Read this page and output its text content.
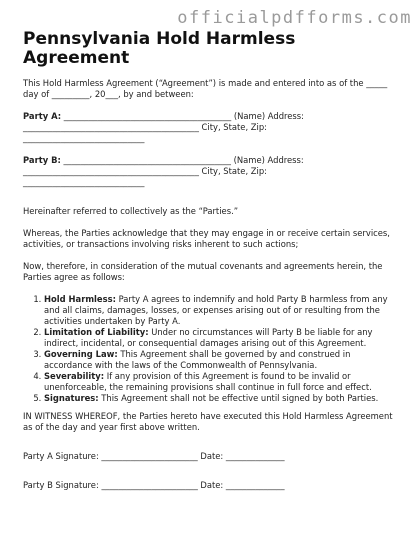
officialpdfforms.com
Pennsylvania Hold Harmless Agreement

This Hold Harmless Agreement (“Agreement”) is made and entered into as of the _____
day of _________, 20___, by and between:

Party A: ________________________________________ (Name) Address:
__________________________________________ City, State, Zip:
_____________________________

Party B: ________________________________________ (Name) Address:
__________________________________________ City, State, Zip:
_____________________________

Hereinafter referred to collectively as the “Parties.”

Whereas, the Parties acknowledge that they may engage in or receive certain services, activities, or transactions involving risks inherent to such actions;

Now, therefore, in consideration of the mutual covenants and agreements herein, the Parties agree as follows:

1. Hold Harmless: Party A agrees to indemnify and hold Party B harmless from any and all claims, damages, losses, or expenses arising out of or resulting from the activities undertaken by Party A.
2. Limitation of Liability: Under no circumstances will Party B be liable for any indirect, incidental, or consequential damages arising out of this Agreement.
3. Governing Law: This Agreement shall be governed by and construed in accordance with the laws of the Commonwealth of Pennsylvania.
4. Severability: If any provision of this Agreement is found to be invalid or unenforceable, the remaining provisions shall continue in full force and effect.
5. Signatures: This Agreement shall not be effective until signed by both Parties.

IN WITNESS WHEREOF, the Parties hereto have executed this Hold Harmless Agreement as of the day and year first above written.

Party A Signature: _______________________ Date: ______________

Party B Signature: _______________________ Date: ______________
